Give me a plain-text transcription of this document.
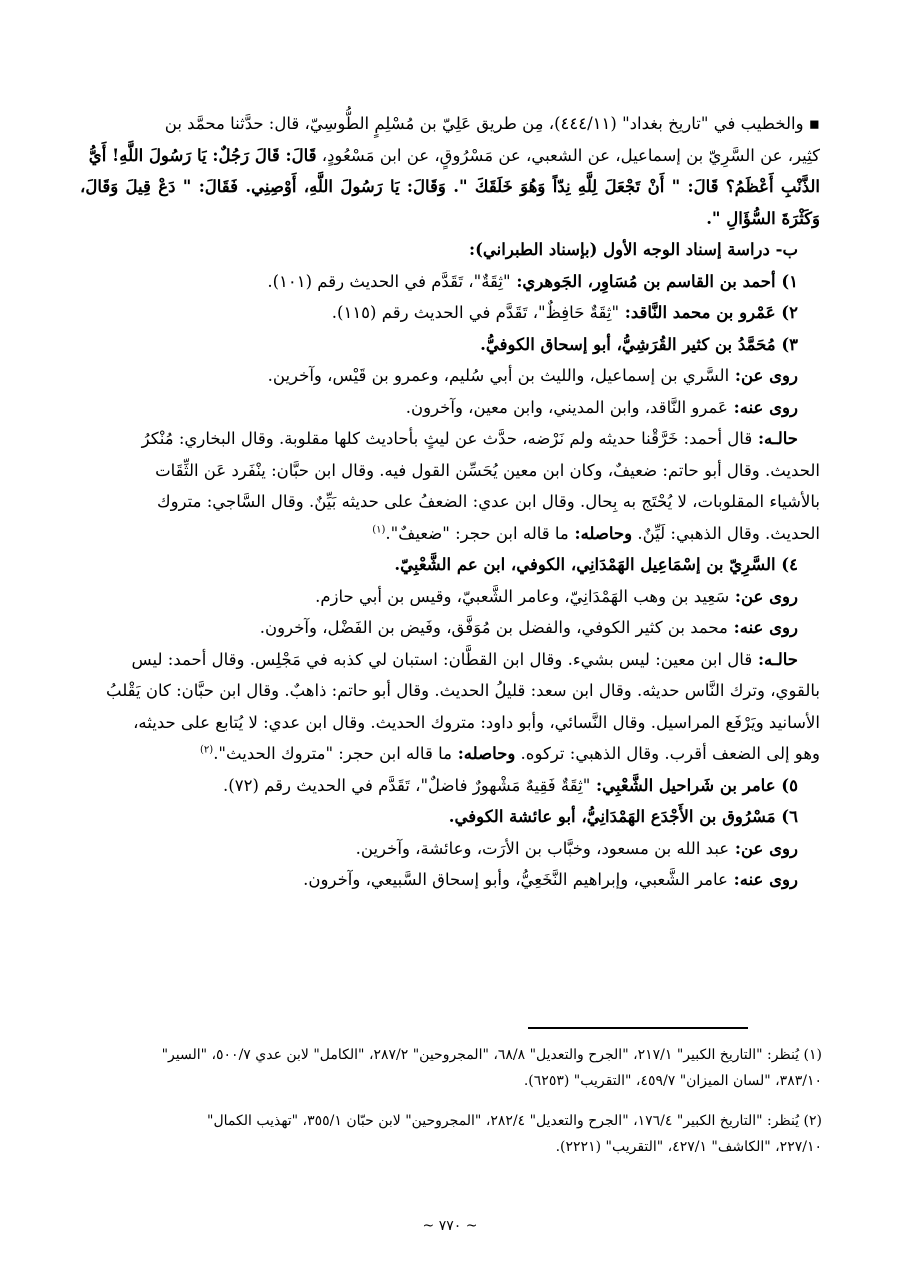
▪ والخطيب في "تاريخ بغداد" (٤٤٤/١١)، مِن طريق عَلِيّ بن مُسْلِمٍ الطُّوسِيّ، قال: حدَّثنا محمَّد بن
كثِير، عن السَّرِيّ بن إسماعيل، عن الشعبي، عن مَسْرُوقٍ، عن ابن مَسْعُودٍ، قَالَ: قَالَ رَجُلٌ: يَا رَسُولَ اللَّهِ! أَيُّ
الذَّنْبِ أَعْظَمُ؟ قَالَ: " أَنْ تَجْعَلَ لِلَّهِ نِدّاً وَهُوَ خَلَقَكَ ". وَقَالَ: يَا رَسُولَ اللَّهِ، أَوْصِنِي. فَقَالَ: " دَعْ قِيلَ وَقَالَ، وَكَثْرَةَ السُّؤَالِ ".
ب- دراسة إسناد الوجه الأول (بإسناد الطبراني):
١) أحمد بن القاسم بن مُسَاوِر، الجَوهري: "ثِقَةٌ"، تَقَدَّم في الحديث رقم (١٠١).
٢) عَمْرو بن محمد النَّاقد: "ثِقَةٌ حَافِظٌ"، تَقَدَّم في الحديث رقم (١١٥).
٣) مُحَمَّدُ بن كثير القُرَشِيُّ، أبو إسحاق الكوفيُّ.
روى عن: السَّري بن إسماعيل، والليث بن أبي سُليم، وعمرو بن قَيْس، وآخرين.
روى عنه: عَمرو النَّاقد، وابن المديني، وابن معين، وآخرون.
حالـه: قال أحمد: خَرَّقْنا حديثه ولم نَرْضه، حدَّث عن ليثٍ بأحاديث كلها مقلوبة. وقال البخاري: مُنْكرُ
الحديث. وقال أبو حاتم: ضعيفٌ، وكان ابن معين يُحَسِّن القول فيه. وقال ابن حبَّان: ينْفَرد عَن الثِّقَات
بالأشياء المقلوبات، لا يُحْتَج به بِحال. وقال ابن عدي: الضعفُ على حديثه بَيِّنٌ. وقال السَّاجي: متروك
الحديث. وقال الذهبي: لَيِّنٌ. وحاصله: ما قاله ابن حجر: "ضعيفٌ".$^{(١)}$
٤) السَّرِيّ بن إسْمَاعِيل الهَمْدَانِي، الكوفي، ابن عم الشَّعْبِيّ.
روى عن: سَعِيد بن وهب الهَمْدَانِيّ، وعامر الشَّعبيّ، وقيس بن أبي حازم.
روى عنه: محمد بن كثير الكوفي، والفضل بن مُوَفَّق، وفَيض بن الفَضْل، وآخرون.
حالـه: قال ابن معين: ليس بشيء. وقال ابن القطَّان: استبان لي كذبه في مَجْلِس. وقال أحمد: ليس
بالقوي، وترك النَّاس حديثه. وقال ابن سعد: قليلُ الحديث. وقال أبو حاتم: ذاهبٌ. وقال ابن حبَّان: كان يَقْلبُ
الأسانيد ويَرْفَع المراسيل. وقال النَّسائي، وأبو داود: متروك الحديث. وقال ابن عدي: لا يُتابع على حديثه،
وهو إلى الضعف أقرب. وقال الذهبي: تركوه. وحاصله: ما قاله ابن حجر: "متروك الحديث".$^{(٢)}$
٥) عامر بن شَراحيل الشَّعْبِي: "ثِقَةٌ فَقِيهٌ مَشْهورٌ فاضلٌ"، تَقَدَّم في الحديث رقم (٧٢).
٦) مَسْرُوق بن الأَجْدَع الهَمْدَانِيُّ، أبو عائشة الكوفي.
روى عن: عبد الله بن مسعود، وخبَّاب بن الأرَت، وعائشة، وآخرين.
روى عنه: عامر الشَّعبي، وإبراهيم النَّخَعِيُّ، وأبو إسحاق السَّبيعي، وآخرون.
(١) يُنظر: "التاريخ الكبير" ٢١٧/١، "الجرح والتعديل" ٦٨/٨، "المجروحين" ٢٨٧/٢، "الكامل" لابن عدي ٥٠٠/٧، "السير"
٣٨٣/١٠، "لسان الميزان" ٤٥٩/٧، "التقريب" (٦٢٥٣).
(٢) يُنظر: "التاريخ الكبير" ١٧٦/٤، "الجرح والتعديل" ٢٨٢/٤، "المجروحين" لابن حبّان ٣٥٥/١، "تهذيب الكمال"
٢٢٧/١٠، "الكاشف" ٤٢٧/١، "التقريب" (٢٢٢١).
~ ٧٧٠ ~
